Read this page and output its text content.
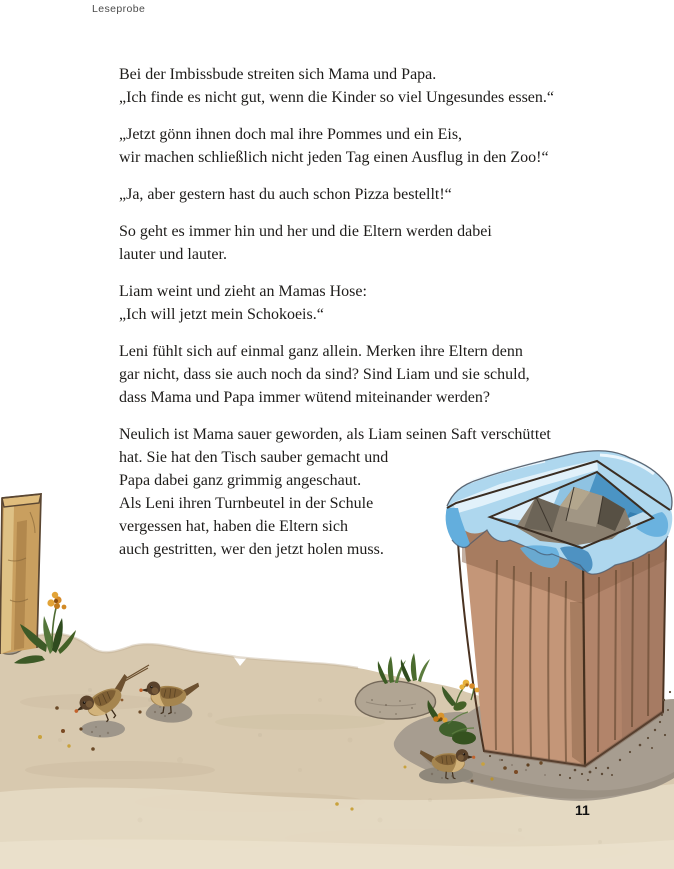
Leseprobe

Bei der Imbissbude streiten sich Mama und Papa.
„Ich finde es nicht gut, wenn die Kinder so viel Ungesundes essen.“

„Jetzt gönn ihnen doch mal ihre Pommes und ein Eis,
wir machen schließlich nicht jeden Tag einen Ausflug in den Zoo!“

„Ja, aber gestern hast du auch schon Pizza bestellt!“

So geht es immer hin und her und die Eltern werden dabei
lauter und lauter.

Liam weint und zieht an Mamas Hose:
„Ich will jetzt mein Schokoeis.“

Leni fühlt sich auf einmal ganz allein. Merken ihre Eltern denn
gar nicht, dass sie auch noch da sind? Sind Liam und sie schuld,
dass Mama und Papa immer wütend miteinander werden?

Neulich ist Mama sauer geworden, als Liam seinen Saft verschüttet
hat. Sie hat den Tisch sauber gemacht und
Papa dabei ganz grimmig angeschaut.
Als Leni ihren Turnbeutel in der Schule
vergessen hat, haben die Eltern sich
auch gestritten, wer den jetzt holen muss.

11
